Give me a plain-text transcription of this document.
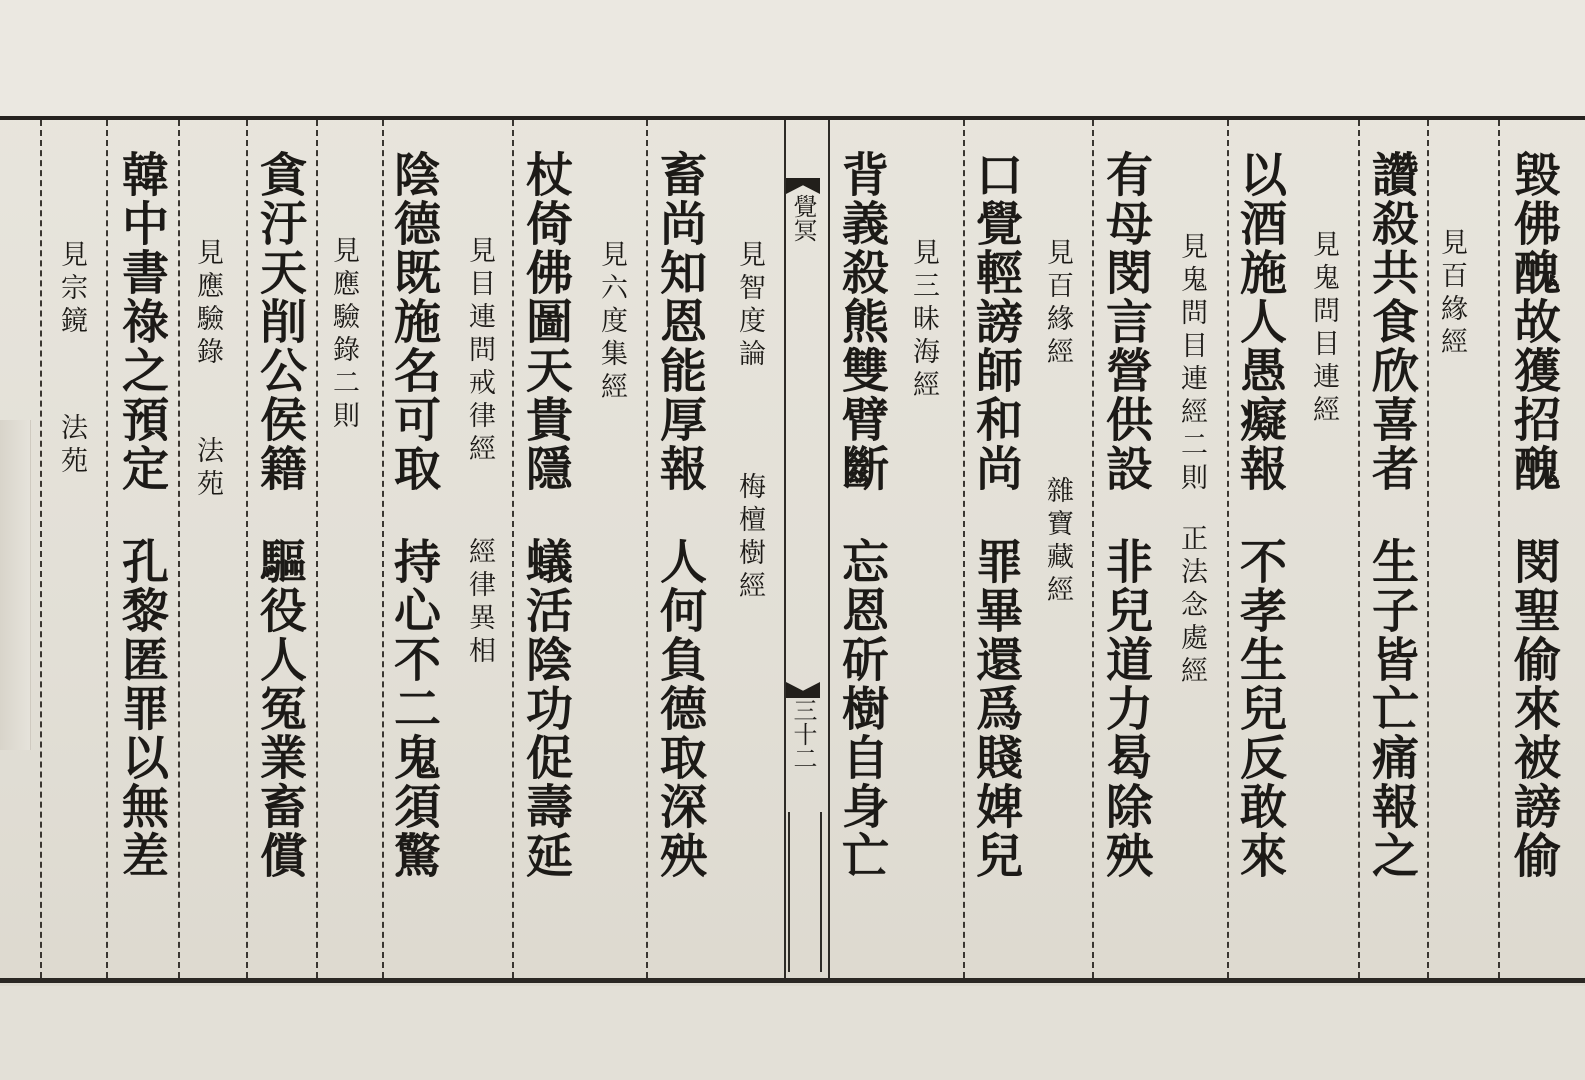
毀佛醜故獲招醜閔聖偷來被謗偷
見百緣經
讚殺共食欣喜者生子皆亡痛報之
見鬼問目連經
以酒施人愚癡報不孝生兒反敢來
見鬼問目連經二則正法念處經
有母閔言營供設非兒道力曷除殃
見百緣經雜寶藏經
口覺輕謗師和尚罪畢還爲賤婢兒
見三昧海經
背義殺熊雙臂斷忘恩斫樹自身亡
覺冥
三十二
畜尚知恩能厚報人何負德取深殃
見智度論梅檀樹經
杖倚佛圖天貴隱蟻活陰功促壽延
見六度集經
陰德既施名可取持心不二鬼須驚
見目連問戒律經經律異相
貪汙天削公侯籍驅役人冤業畜償
見應驗錄二則
韓中書祿之預定孔黎匿罪以無差
見應驗錄法苑
見宗鏡法苑
